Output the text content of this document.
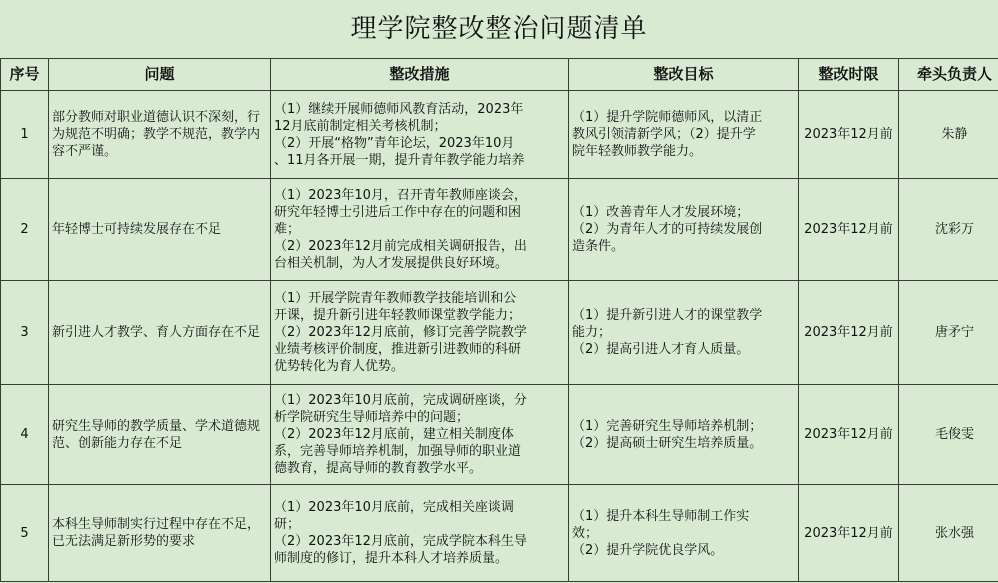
理学院整改整治问题清单
序号	问题	整改措施	整改目标	整改时限	牵头负责人
1	部分教师对职业道德认识不深刻，行为规范不明确；教学不规范，教学内容不严谨。	（1）继续开展师德师风教育活动，2023年
12月底前制定相关考核机制；
（2）开展“格物”青年论坛，2023年10月
、11月各开展一期，提升青年教学能力培养	（1）提升学院师德师风，以清正
教风引领清新学风；（2）提升学
院年轻教师教学能力。	2023年12月前	朱静
2	年轻博士可持续发展存在不足	（1）2023年10月，召开青年教师座谈会，
研究年轻博士引进后工作中存在的问题和困
难；
（2）2023年12月前完成相关调研报告，出
台相关机制，为人才发展提供良好环境。	（1）改善青年人才发展环境；
（2）为青年人才的可持续发展创
造条件。	2023年12月前	沈彩万
3	新引进人才教学、育人方面存在不足	（1）开展学院青年教师教学技能培训和公
开课，提升新引进年轻教师课堂教学能力；
（2）2023年12月底前，修订完善学院教学
业绩考核评价制度，推进新引进教师的科研
优势转化为育人优势。	（1）提升新引进人才的课堂教学
能力；
（2）提高引进人才育人质量。	2023年12月前	唐矛宁
4	研究生导师的教学质量、学术道德规范、创新能力存在不足	（1）2023年10月底前，完成调研座谈，分
析学院研究生导师培养中的问题；
（2）2023年12月底前，建立相关制度体
系，完善导师培养机制，加强导师的职业道
德教育，提高导师的教育教学水平。	（1）完善研究生导师培养机制；
（2）提高硕士研究生培养质量。	2023年12月前	毛俊雯
5	本科生导师制实行过程中存在不足，已无法满足新形势的要求	（1）2023年10月底前，完成相关座谈调
研；
（2）2023年12月底前，完成学院本科生导
师制度的修订，提升本科人才培养质量。	（1）提升本科生导师制工作实
效；
（2）提升学院优良学风。	2023年12月前	张水强
